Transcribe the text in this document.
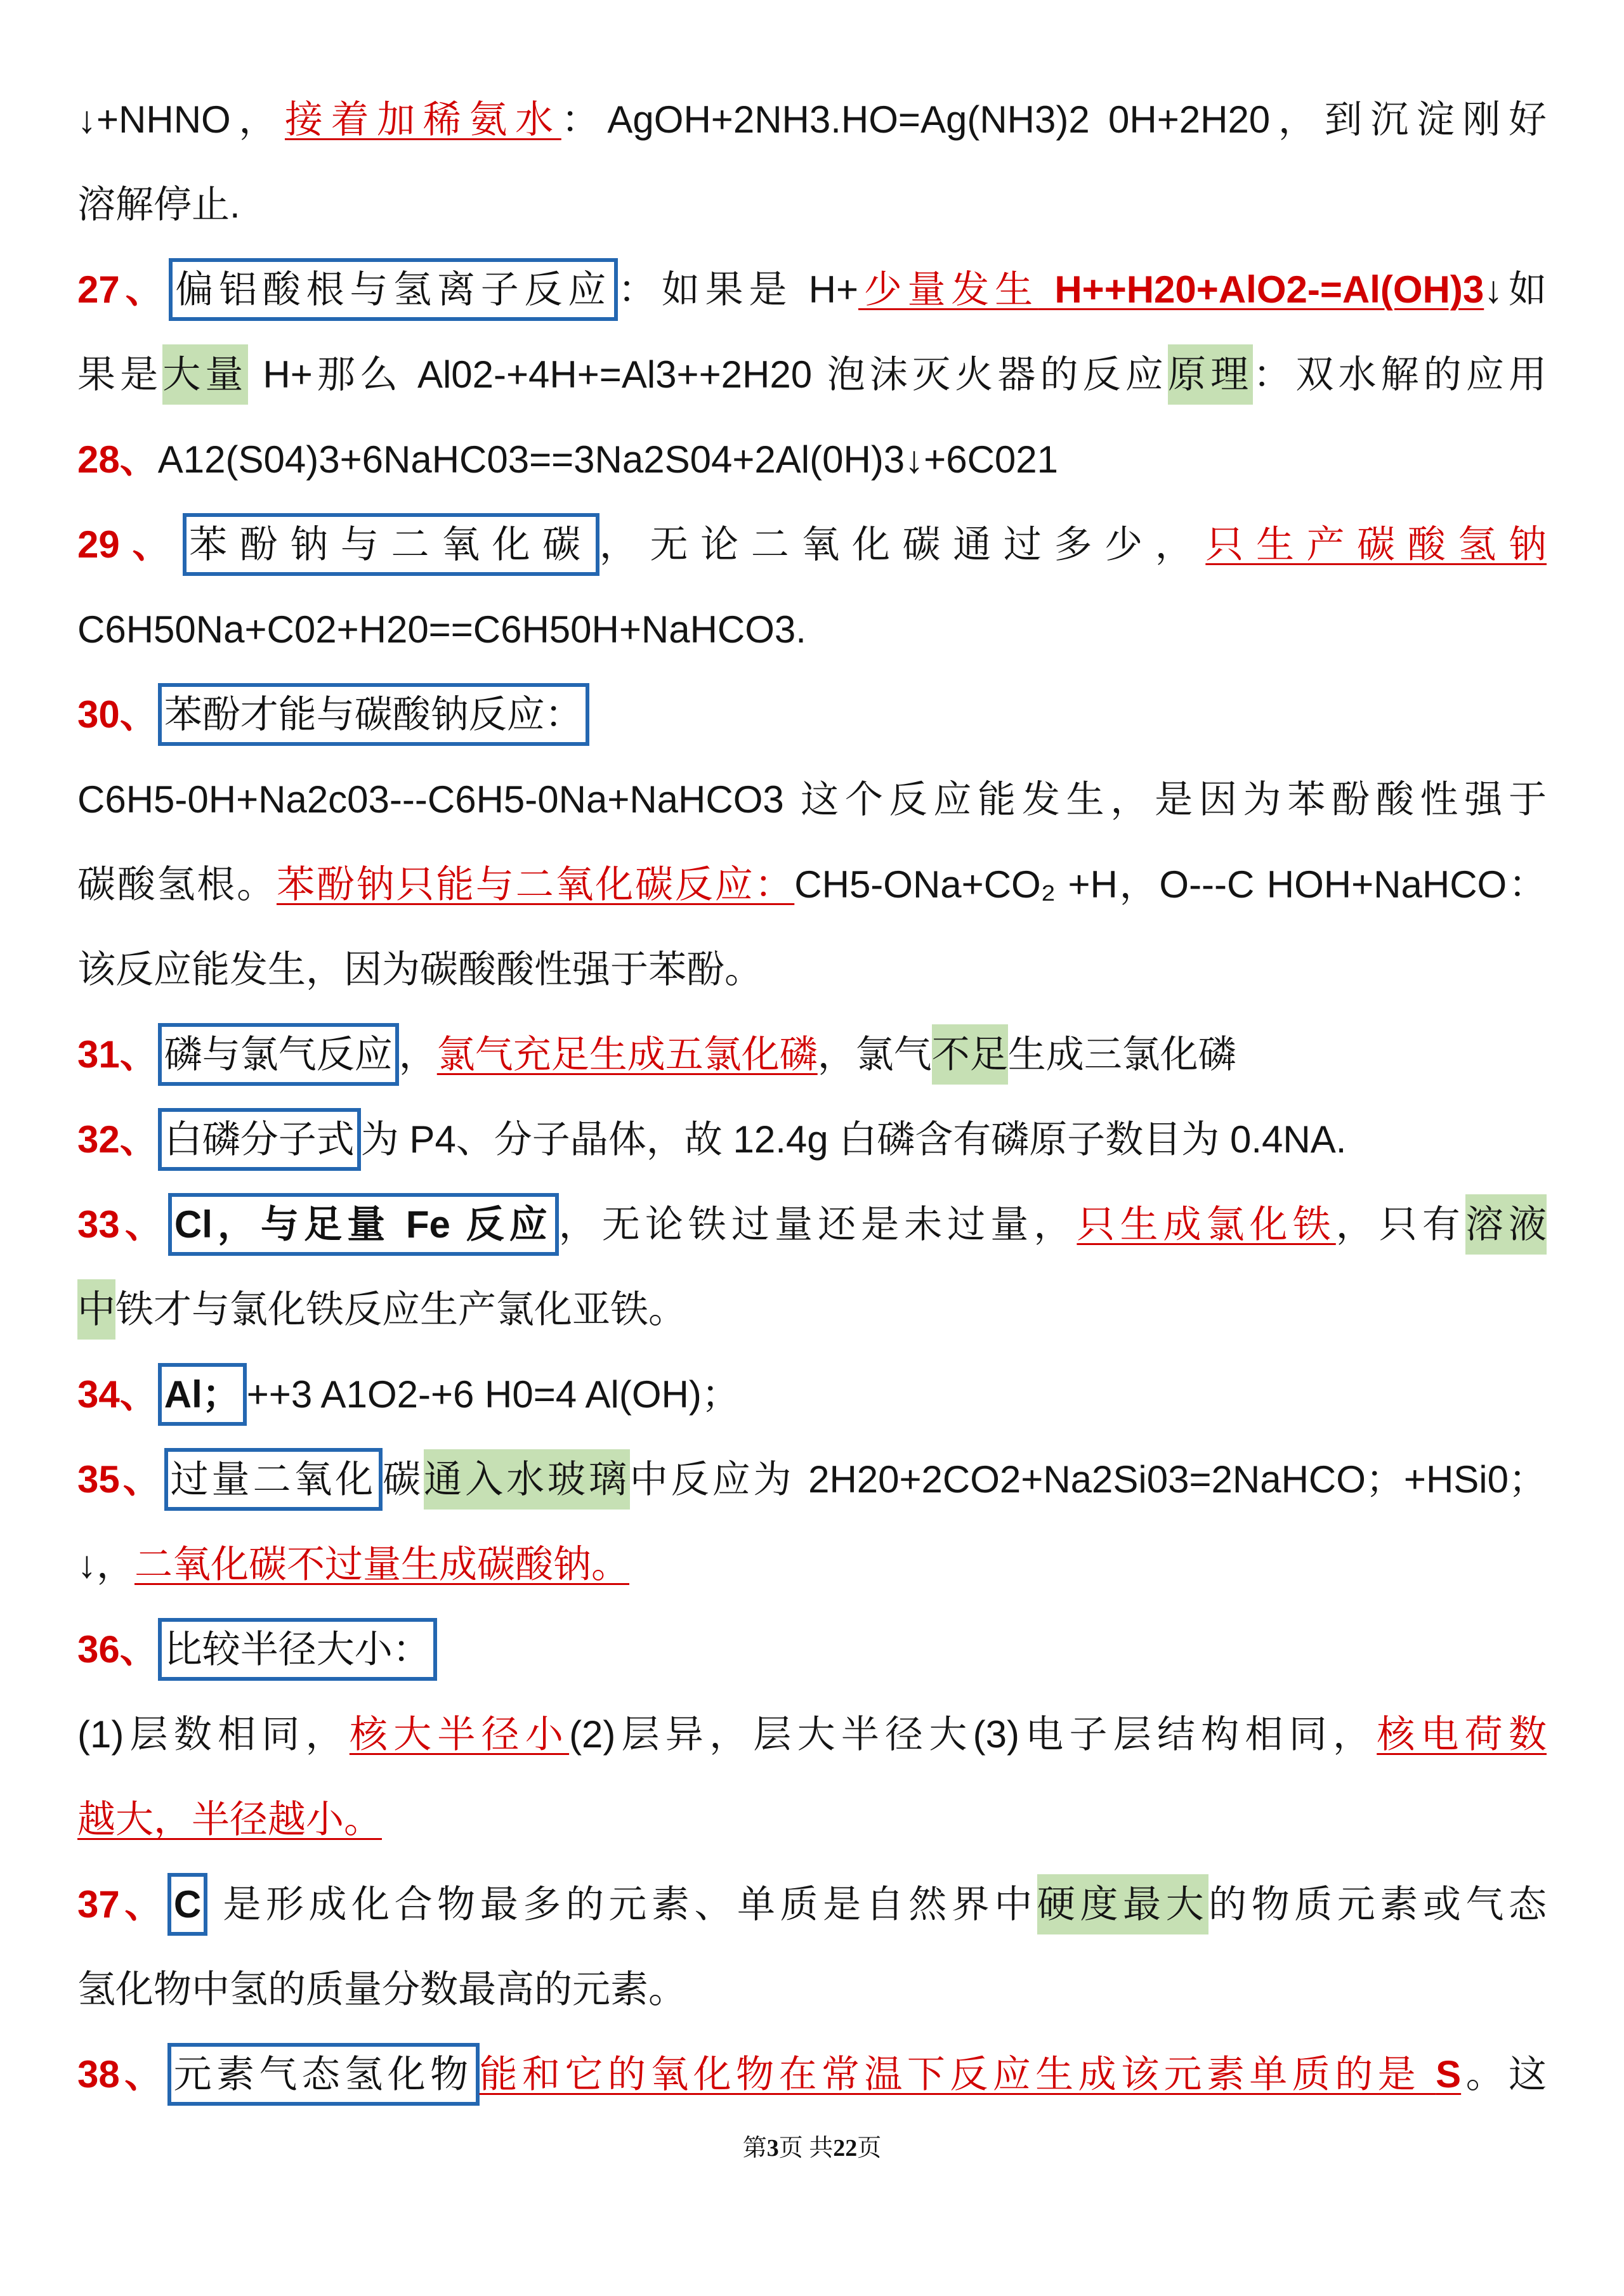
↓+NHNO，接着加稀氨水：AgOH+2NH3.HO=Ag(NH3)2 0H+2H20，到沉淀刚好
溶解停止.
27、 偏铝酸根与氢离子反应 ：如果是 H+少量发生 H++H20+AlO2-=Al(OH)3↓如
果是大量 H+那么 Al02-+4H+=Al3++2H20 泡沫灭火器的反应原理：双水解的应用
28、A12(S04)3+6NaHC03==3Na2S04+2Al(0H)3↓+6C021
29、 苯酚钠与二氧化碳 ，无论二氧化碳通过多少，只生产碳酸氢钠
C6H50Na+C02+H20==C6H50H+NaHCO3.
30、 苯酚才能与碳酸钠反应：
C6H5-0H+Na2c03---C6H5-0Na+NaHCO3 这个反应能发生，是因为苯酚酸性强于
碳酸氢根。苯酚钠只能与二氧化碳反应：CH5-ONa+CO₂ +H，O---C HOH+NaHCO：
该反应能发生，因为碳酸酸性强于苯酚。
31、 磷与氯气反应 ，氯气充足生成五氯化磷，氯气不足生成三氯化磷
32、 白磷分子式 为 P4、分子晶体，故 12.4g 白磷含有磷原子数目为 0.4NA.
33、 Cl，与足量 Fe 反应 ，无论铁过量还是未过量，只生成氯化铁，只有溶液
中铁才与氯化铁反应生产氯化亚铁。
34、 Al； ++3 A1O2-+6 H0=4 Al(OH)；
35、 过量二氧化 碳通入水玻璃中反应为 2H20+2CO2+Na2Si03=2NaHCO；+HSi0；
↓，二氧化碳不过量生成碳酸钠。
36、 比较半径大小：
(1)层数相同，核大半径小(2)层异，层大半径大(3)电子层结构相同，核电荷数
越大，半径越小。
37、 C 是形成化合物最多的元素、单质是自然界中硬度最大的物质元素或气态
氢化物中氢的质量分数最高的元素。
38、 元素气态氢化物 能和它的氧化物在常温下反应生成该元素单质的是 S。这
第3页 共22页
